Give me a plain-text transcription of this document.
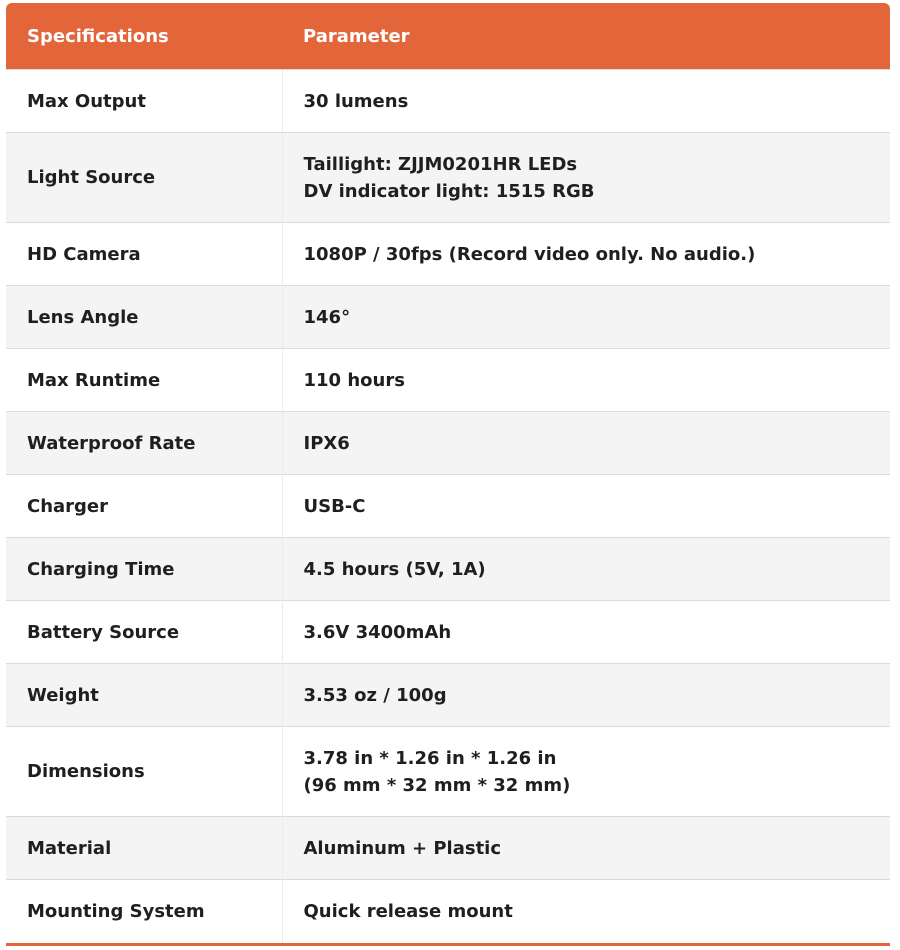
Specifications	Parameter
Max Output	30 lumens

Light Source	Taillight: ZJJM0201HR LEDs
DV indicator light: 1515 RGB

HD Camera	1080P / 30fps (Record video only. No audio.)

Lens Angle	146°

Max Runtime	110 hours

Waterproof Rate	IPX6

Charger	USB-C

Charging Time	4.5 hours (5V, 1A)

Battery Source	3.6V 3400mAh

Weight	3.53 oz / 100g

Dimensions	3.78 in * 1.26 in * 1.26 in
(96 mm * 32 mm * 32 mm)

Material	Aluminum + Plastic

Mounting System	Quick release mount
